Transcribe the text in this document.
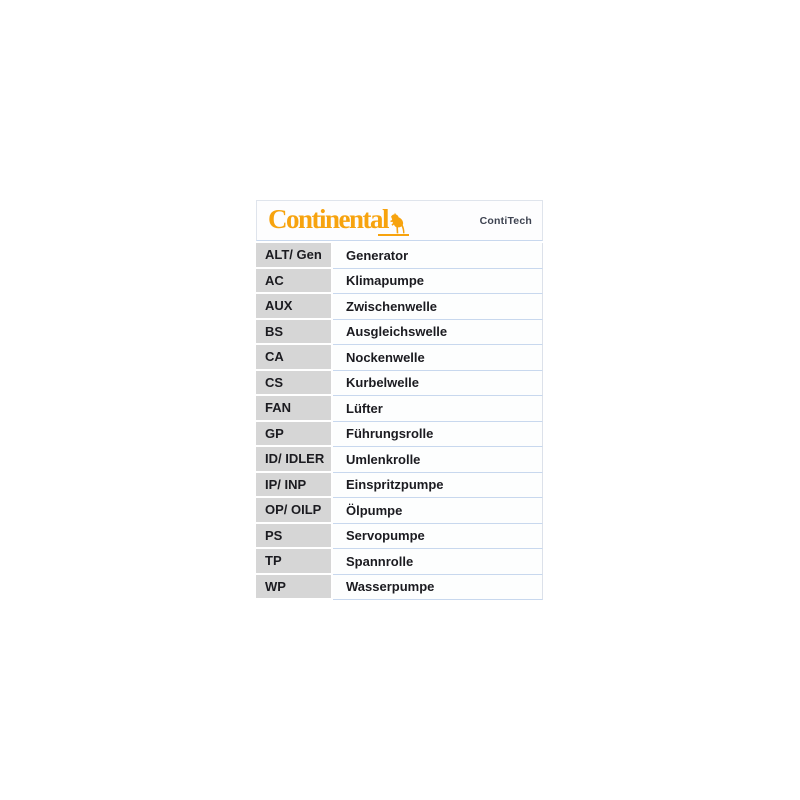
Continental	ContiTech
ALT/ Gen	Generator
AC	Klimapumpe
AUX	Zwischenwelle
BS	Ausgleichswelle
CA	Nockenwelle
CS	Kurbelwelle
FAN	Lüfter
GP	Führungsrolle
ID/ IDLER	Umlenkrolle
IP/ INP	Einspritzpumpe
OP/ OILP	Ölpumpe
PS	Servopumpe
TP	Spannrolle
WP	Wasserpumpe
